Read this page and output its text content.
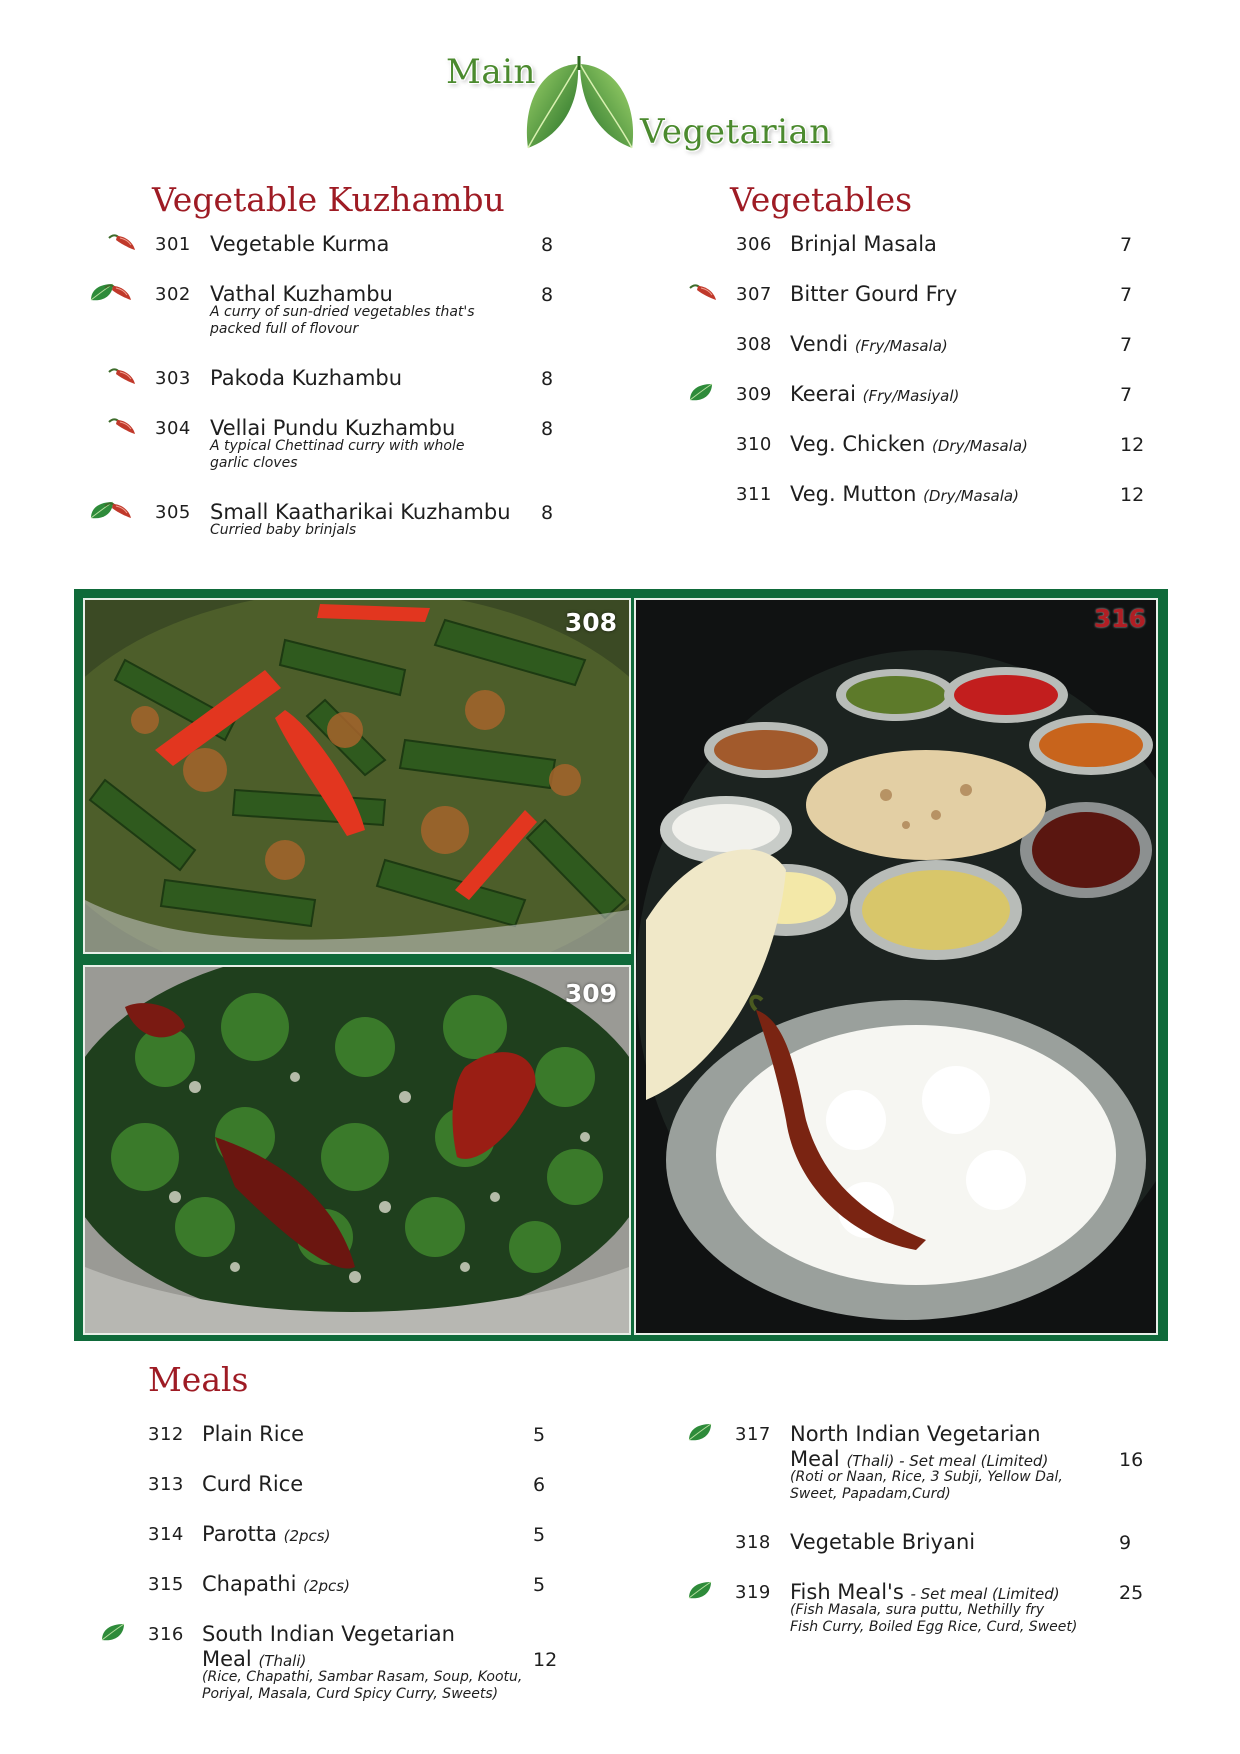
Main
Vegetarian
Vegetable Kuzhambu
301 Vegetable Kurma	8
302 Vathal Kuzhambu
A curry of sun-dried vegetables that's
packed full of flovour
8
303 Pakoda Kuzhambu	8
304 Vellai Pundu Kuzhambu
A typical Chettinad curry with whole
garlic cloves
8
305 Small Kaatharikai Kuzhambu
Curried baby brinjals
8
Vegetables
306 Brinjal Masala	7
307 Bitter Gourd Fry	7
308 Vendi (Fry/Masala)	7
309 Keerai (Fry/Masiyal)	7
310 Veg. Chicken (Dry/Masala)	12
311 Veg. Mutton (Dry/Masala)	12
308
309
316
Meals
312 Plain Rice	5
313 Curd Rice	6
314 Parotta (2pcs)	5
315 Chapathi (2pcs)	5
316 South Indian Vegetarian
Meal (Thali)
(Rice, Chapathi, Sambar Rasam, Soup, Kootu,
Poriyal, Masala, Curd Spicy Curry, Sweets)
12
317 North Indian Vegetarian
Meal (Thali) - Set meal (Limited)
(Roti or Naan, Rice, 3 Subji, Yellow Dal,
Sweet, Papadam,Curd)
16
318 Vegetable Briyani	9
319 Fish Meal's - Set meal (Limited)
(Fish Masala, sura puttu, Nethilly fry
Fish Curry, Boiled Egg Rice, Curd, Sweet)
25
